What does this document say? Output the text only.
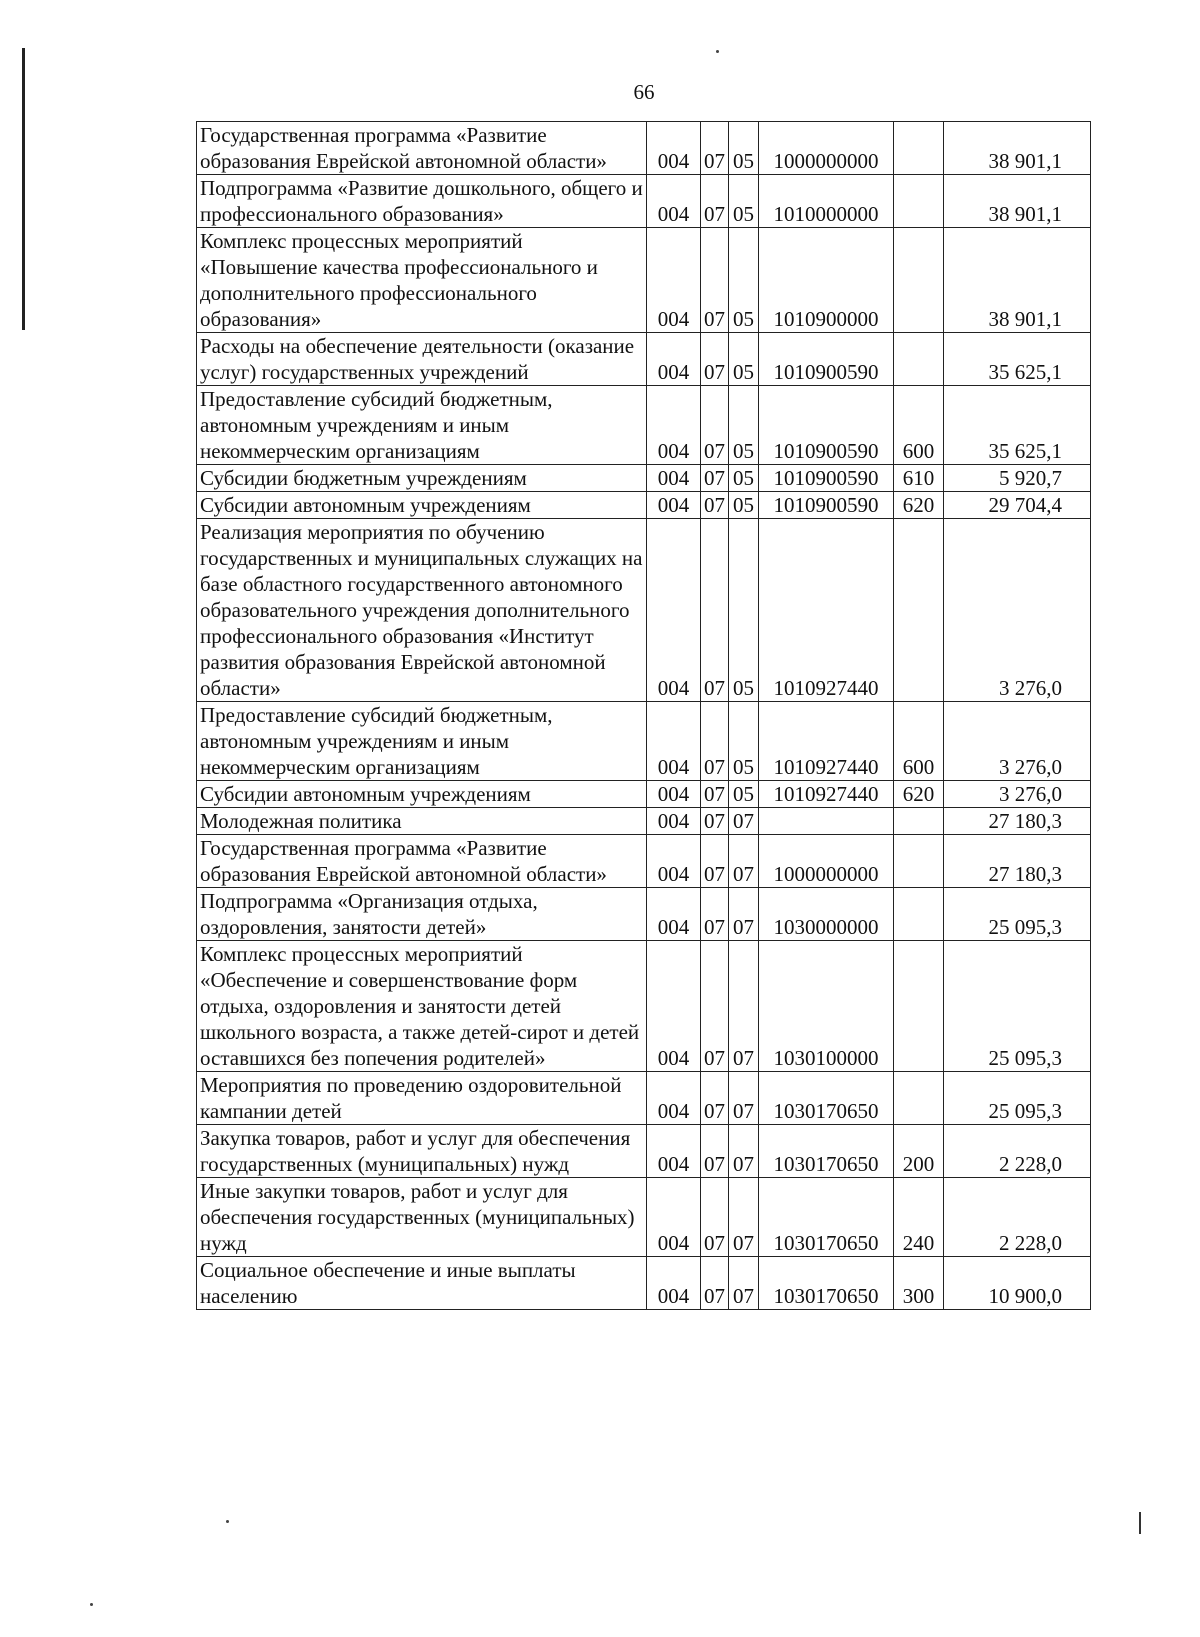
66
Государственная программа «Развитие образования Еврейской автономной области»	004	07	05	1000000000		38 901,1
Подпрограмма «Развитие дошкольного, общего и профессионального образования»	004	07	05	1010000000		38 901,1
Комплекс процессных мероприятий «Повышение качества профессионального и дополнительного профессионального образования»	004	07	05	1010900000		38 901,1
Расходы на обеспечение деятельности (оказание услуг) государственных учреждений	004	07	05	1010900590		35 625,1
Предоставление субсидий бюджетным, автономным учреждениям и иным некоммерческим организациям	004	07	05	1010900590	600	35 625,1
Субсидии бюджетным учреждениям	004	07	05	1010900590	610	5 920,7
Субсидии автономным учреждениям	004	07	05	1010900590	620	29 704,4
Реализация мероприятия по обучению государственных и муниципальных служащих на базе областного государственного автономного образовательного учреждения дополнительного профессионального образования «Институт развития образования Еврейской автономной области»	004	07	05	1010927440		3 276,0
Предоставление субсидий бюджетным, автономным учреждениям и иным некоммерческим организациям	004	07	05	1010927440	600	3 276,0
Субсидии автономным учреждениям	004	07	05	1010927440	620	3 276,0
Молодежная политика	004	07	07			27 180,3
Государственная программа «Развитие образования Еврейской автономной области»	004	07	07	1000000000		27 180,3
Подпрограмма «Организация отдыха, оздоровления, занятости детей»	004	07	07	1030000000		25 095,3
Комплекс процессных мероприятий «Обеспечение и совершенствование форм отдыха, оздоровления и занятости детей школьного возраста, а также детей-сирот и детей оставшихся без попечения родителей»	004	07	07	1030100000		25 095,3
Мероприятия по проведению оздоровительной кампании детей	004	07	07	1030170650		25 095,3
Закупка товаров, работ и услуг для обеспечения государственных (муниципальных) нужд	004	07	07	1030170650	200	2 228,0
Иные закупки товаров, работ и услуг для обеспечения государственных (муниципальных) нужд	004	07	07	1030170650	240	2 228,0
Социальное обеспечение и иные выплаты населению	004	07	07	1030170650	300	10 900,0
